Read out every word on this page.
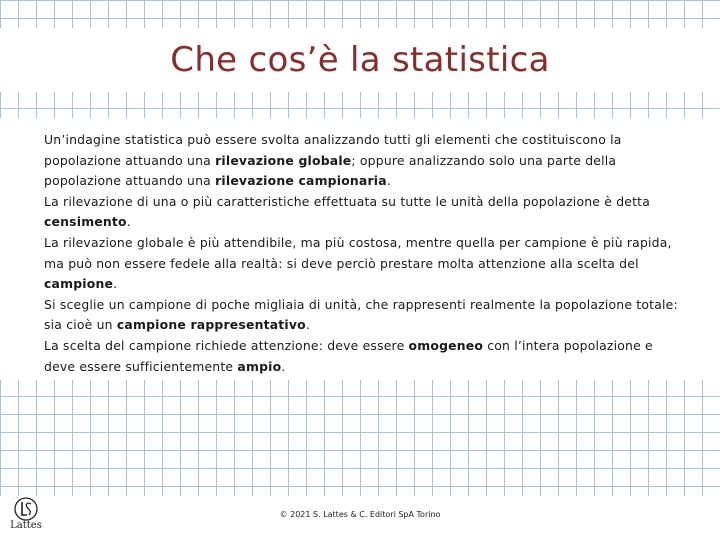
Che cos’è la statistica

Un’indagine statistica può essere svolta analizzando tutti gli elementi che costituiscono la popolazione attuando una rilevazione globale; oppure analizzando solo una parte della popolazione attuando una rilevazione campionaria.

La rilevazione di una o più caratteristiche effettuata su tutte le unità della popolazione è detta censimento.

La rilevazione globale è più attendibile, ma più costosa, mentre quella per campione è più rapida, ma può non essere fedele alla realtà: si deve perciò prestare molta attenzione alla scelta del campione.

Si sceglie un campione di poche migliaia di unità, che rappresenti realmente la popolazione totale: sia cioè un campione rappresentativo.

La scelta del campione richiede attenzione: deve essere omogeneo con l’intera popolazione e deve essere sufficientemente ampio.

© 2021 S. Lattes & C. Editori SpA Torino
Lattes
